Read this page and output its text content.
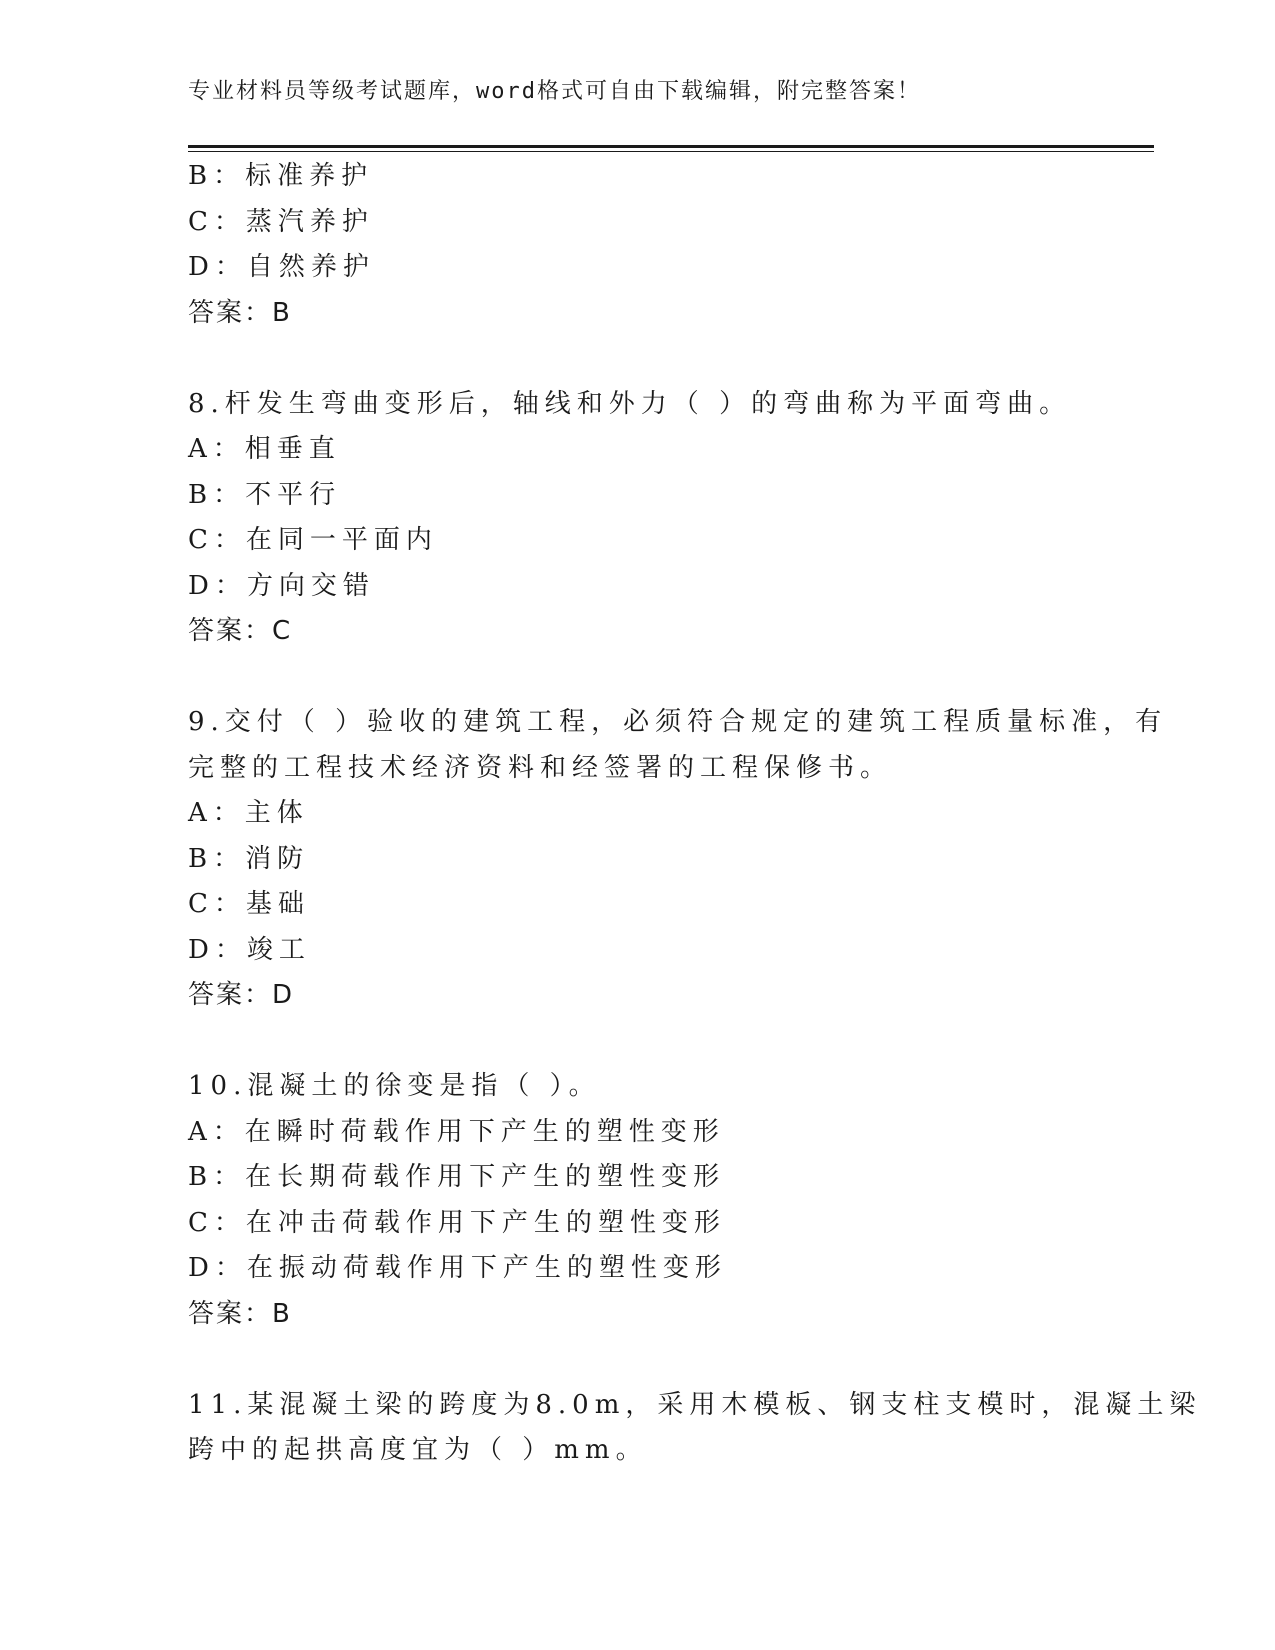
专业材料员等级考试题库，word格式可自由下载编辑，附完整答案！
B：标准养护
C：蒸汽养护
D：自然养护
答案：B
8.杆发生弯曲变形后，轴线和外力（ ）的弯曲称为平面弯曲。
A：相垂直
B：不平行
C：在同一平面内
D：方向交错
答案：C
9.交付（ ）验收的建筑工程，必须符合规定的建筑工程质量标准，有
完整的工程技术经济资料和经签署的工程保修书。
A：主体
B：消防
C：基础
D：竣工
答案：D
10.混凝土的徐变是指（ ）。
A：在瞬时荷载作用下产生的塑性变形
B：在长期荷载作用下产生的塑性变形
C：在冲击荷载作用下产生的塑性变形
D：在振动荷载作用下产生的塑性变形
答案：B
11.某混凝土梁的跨度为8.0m，采用木模板、钢支柱支模时，混凝土梁
跨中的起拱高度宜为（ ）mm。
